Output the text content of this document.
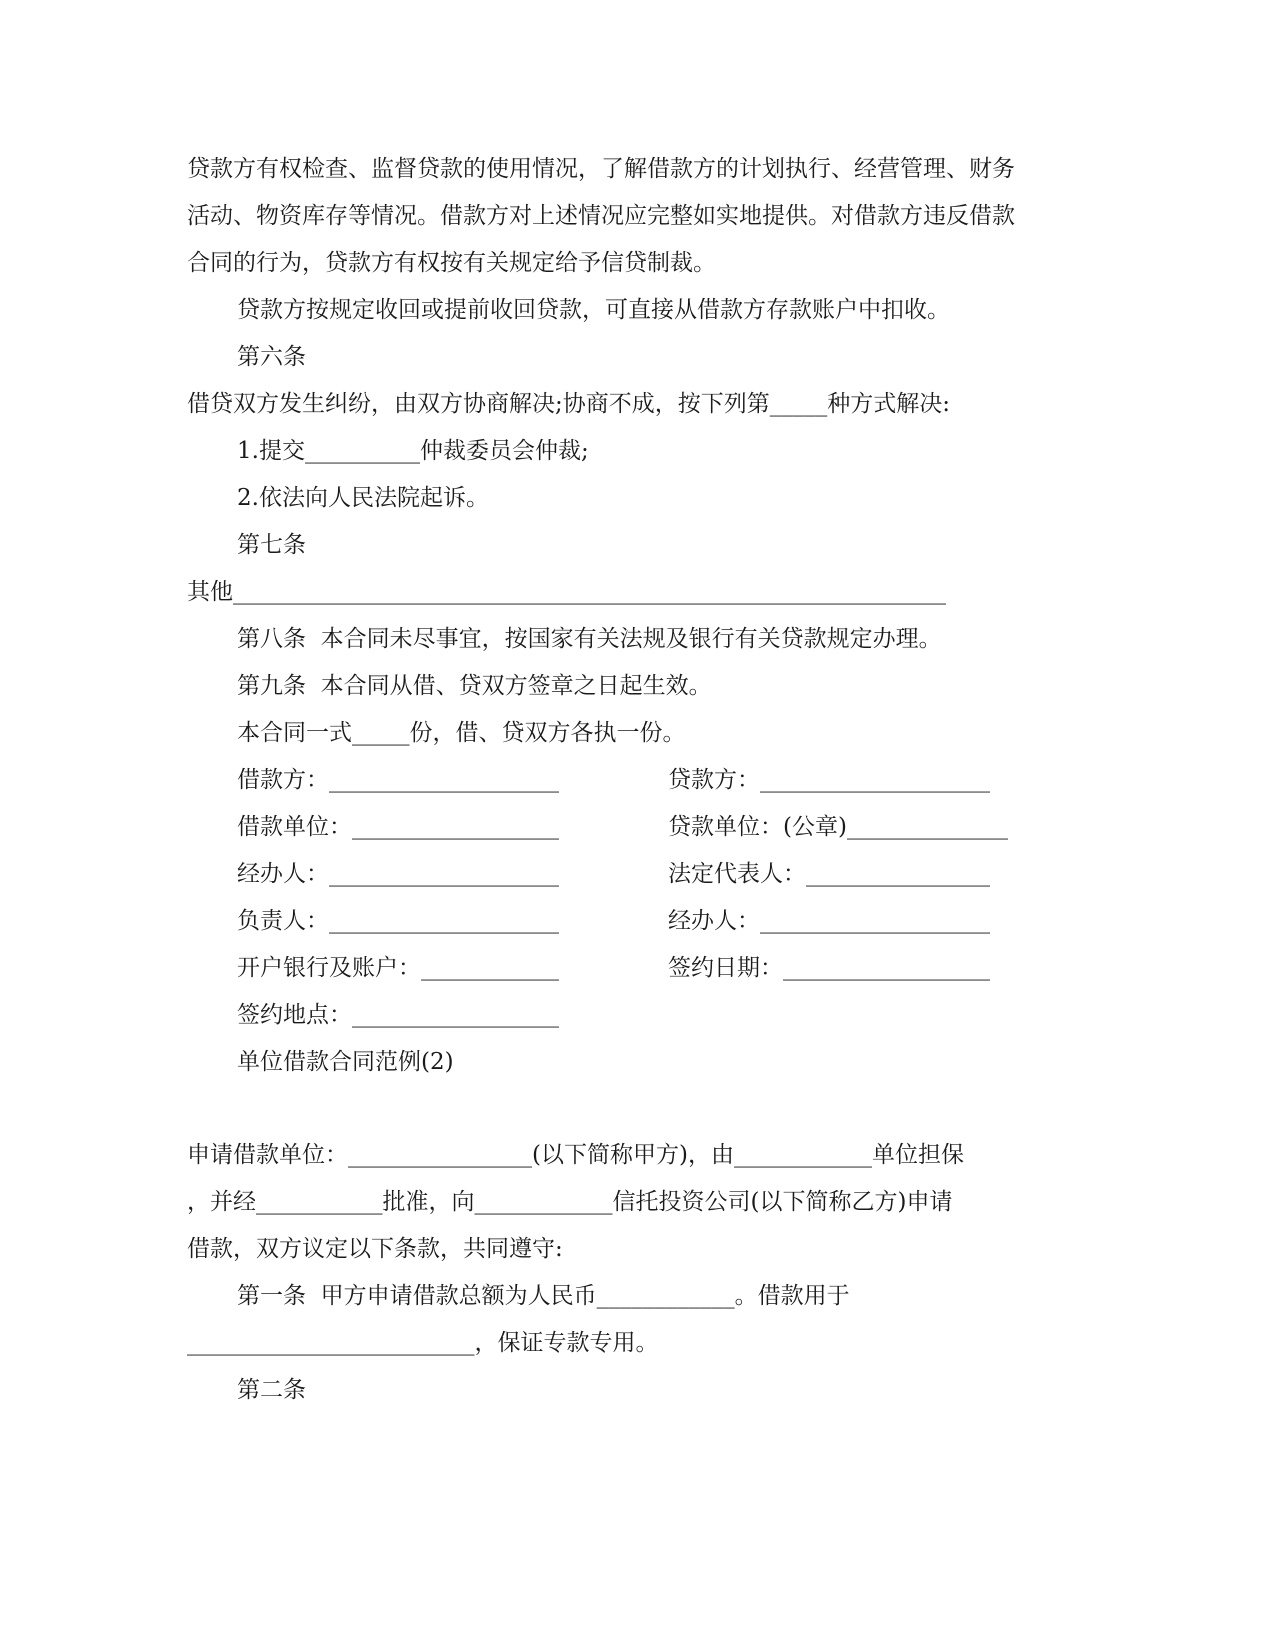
贷款方有权检查、监督贷款的使用情况，了解借款方的计划执行、经营管理、财务
活动、物资库存等情况。借款方对上述情况应完整如实地提供。对借款方违反借款
合同的行为，贷款方有权按有关规定给予信贷制裁。
贷款方按规定收回或提前收回贷款，可直接从借款方存款账户中扣收。
第六条
借贷双方发生纠纷，由双方协商解决;协商不成，按下列第_____种方式解决:
1.提交__________仲裁委员会仲裁;
2.依法向人民法院起诉。
第七条
其他______________________________________________________________
第八条  本合同未尽事宜，按国家有关法规及银行有关贷款规定办理。
第九条  本合同从借、贷双方签章之日起生效。
本合同一式_____份，借、贷双方各执一份。
借款方：____________________	贷款方：____________________
借款单位：__________________	贷款单位：(公章)______________
经办人：____________________	法定代表人：________________
负责人：____________________	经办人：____________________
开户银行及账户：____________	签约日期：__________________
签约地点：__________________
单位借款合同范例(2)
申请借款单位：________________(以下简称甲方)，由____________单位担保
，并经___________批准，向____________信托投资公司(以下简称乙方)申请
借款，双方议定以下条款，共同遵守:
第一条  甲方申请借款总额为人民币____________。借款用于
_________________________，保证专款专用。
第二条
